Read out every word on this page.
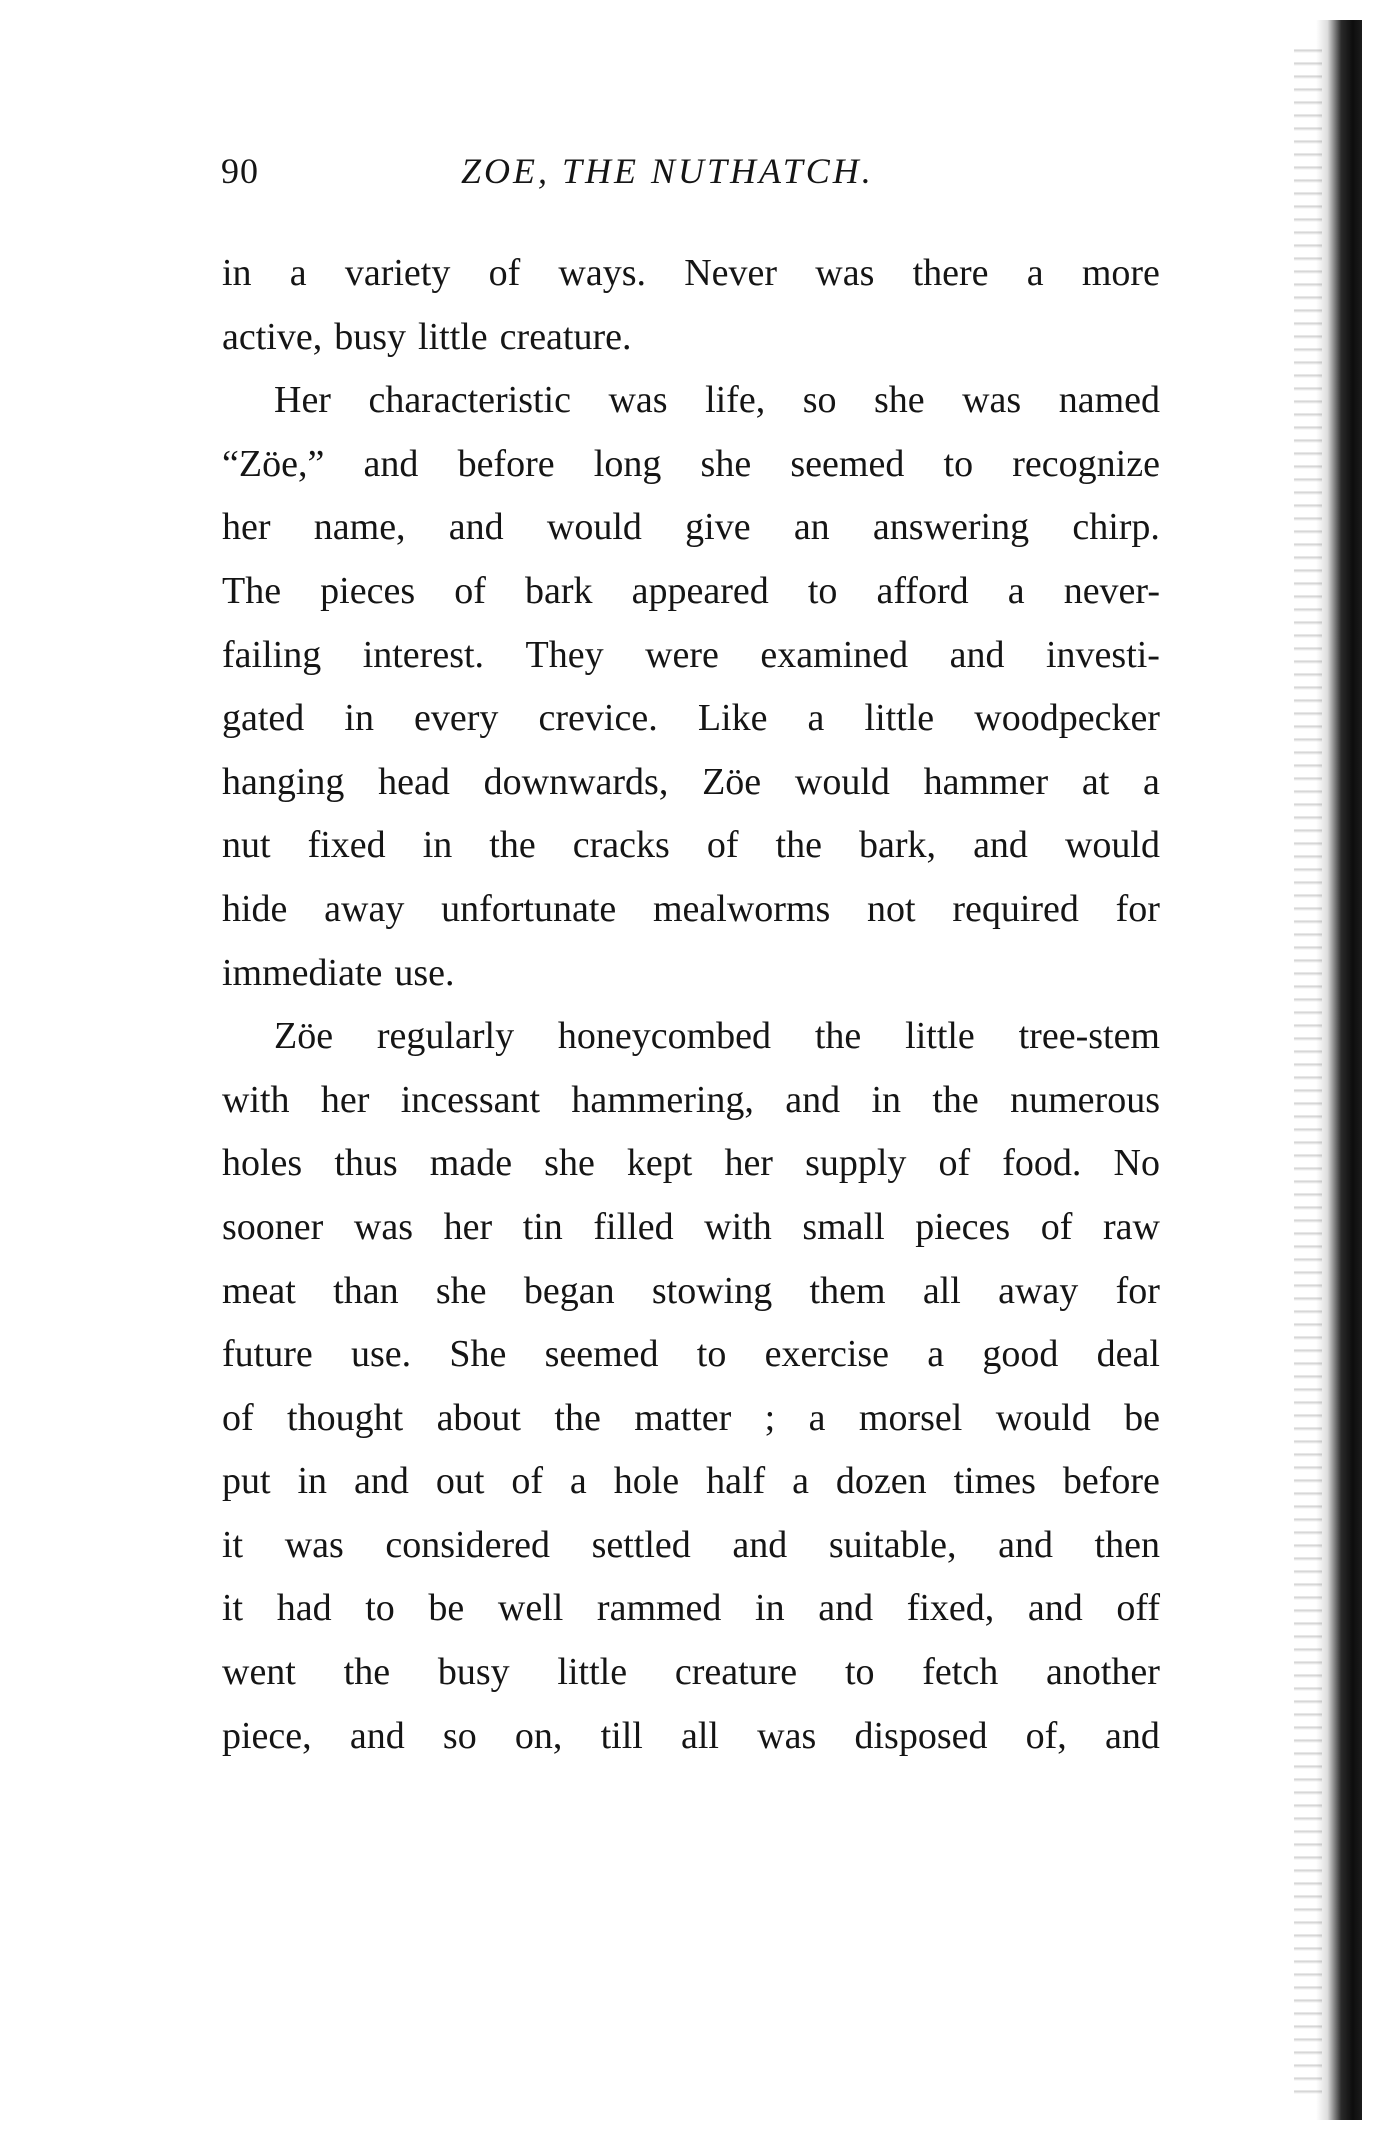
90	ZOE, THE NUTHATCH.
in a variety of ways. Never was there a more
active, busy little creature.
Her characteristic was life, so she was named
“Zöe,” and before long she seemed to recognize
her name, and would give an answering chirp.
The pieces of bark appeared to afford a never-
failing interest. They were examined and investi-
gated in every crevice. Like a little woodpecker
hanging head downwards, Zöe would hammer at a
nut fixed in the cracks of the bark, and would
hide away unfortunate mealworms not required for
immediate use.
Zöe regularly honeycombed the little tree-stem
with her incessant hammering, and in the numerous
holes thus made she kept her supply of food. No
sooner was her tin filled with small pieces of raw
meat than she began stowing them all away for
future use. She seemed to exercise a good deal
of thought about the matter ; a morsel would be
put in and out of a hole half a dozen times before
it was considered settled and suitable, and then
it had to be well rammed in and fixed, and off
went the busy little creature to fetch another
piece, and so on, till all was disposed of, and
